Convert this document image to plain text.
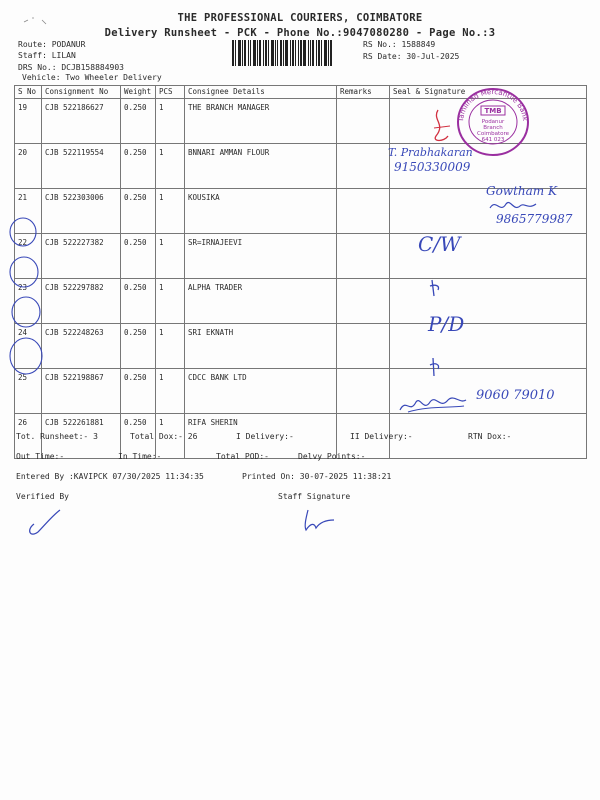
THE PROFESSIONAL COURIERS, COIMBATORE
Delivery Runsheet - PCK - Phone No.:9047080280 - Page No.:3
Route: PODANUR
Staff: LILAN
DRS No.: DCJB158884903
Vehicle: Two Wheeler Delivery
RS No.: 1588849
RS Date: 30-Jul-2025
S No	Consignment No	Weight	PCS	Consignee Details	Remarks	Seal & Signature
19	CJB 522186627	0.250	1	THE BRANCH MANAGER		
20	CJB 522119554	0.250	1	BNNARI AMMAN FLOUR		
21	CJB 522303006	0.250	1	KOUSIKA		
22	CJB 522227382	0.250	1	SR=IRNAJEEVI		
23	CJB 522297882	0.250	1	ALPHA TRADER		
24	CJB 522248263	0.250	1	SRI EKNATH		
25	CJB 522198867	0.250	1	CDCC BANK LTD		
26	CJB 522261881	0.250	1	RIFA SHERIN		
Tamilnad Mercantile Bank Ltd
TMB
Podanur
Branch
Coimbatore
641 023
T. Prabhakaran
9150330009
Gowtham K
9865779987
C/W
P/D
9060 79010
Tot. Runsheet:- 3	Total Dox:- 26	I Delivery:-	II Delivery:-	RTN Dox:-
Out Time:-	In Time:-	Total POD:-	Delvy Points:-
Entered By :KAVIPCK 07/30/2025 11:34:35	Printed On: 30-07-2025 11:38:21
Verified By	Staff Signature
